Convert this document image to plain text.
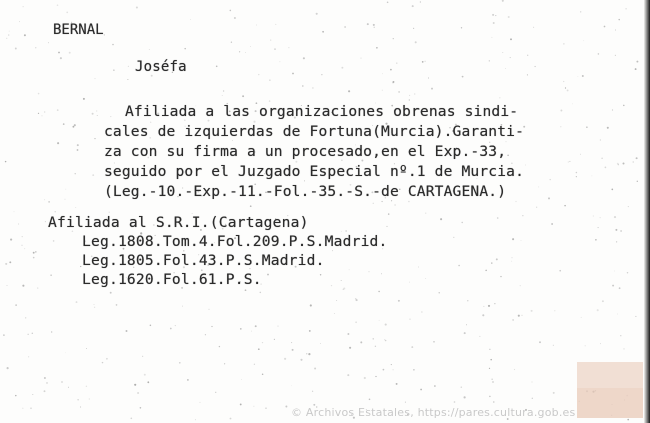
BERNAL
Joséfa
Afiliada a las organizaciones obrenas sindi-
cales de izquierdas de Fortuna(Murcia).Garanti-
za con su firma a un procesado,en el Exp.-33,
seguido por el Juzgado Especial nº.1 de Murcia.
(Leg.-10.-Exp.-11.-Fol.-35.-S.-de CARTAGENA.)
Afiliada al S.R.I.(Cartagena)
Leg.1808.Tom.4.Fol.209.P.S.Madrid.
Leg.1805.Fol.43.P.S.Madrid.
Leg.1620.Fol.61.P.S.
© Archivos Estatales, https://pares.cultura.gob.es
